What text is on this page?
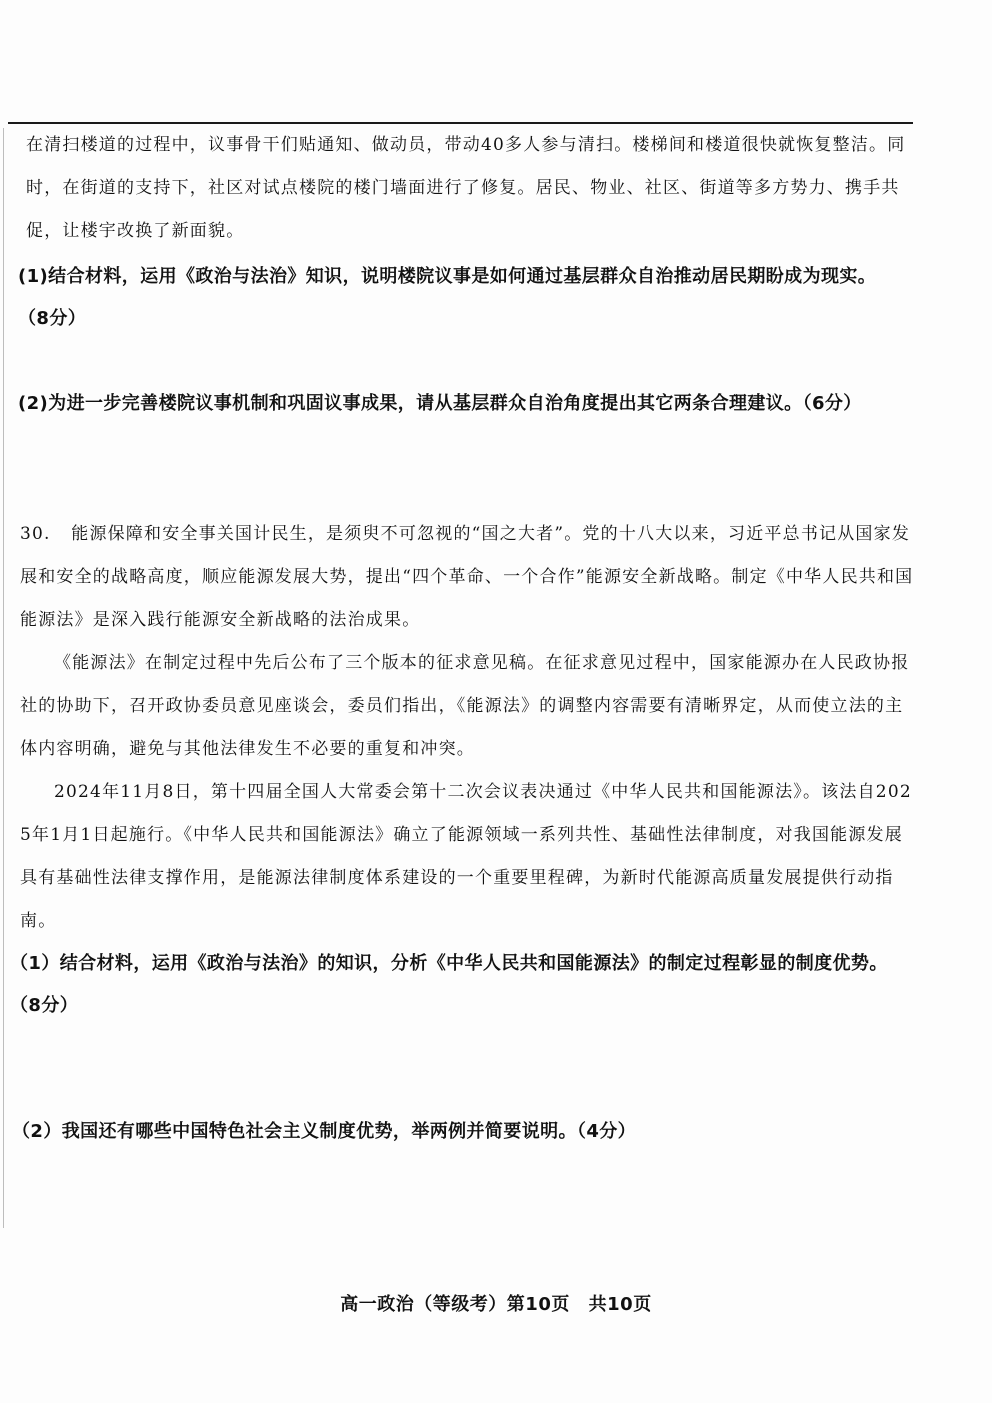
在清扫楼道的过程中，议事骨干们贴通知、做动员，带动40多人参与清扫。楼梯间和楼道很快就恢复整洁。同时，在街道的支持下，社区对试点楼院的楼门墙面进行了修复。居民、物业、社区、街道等多方势力、携手共促，让楼宇改换了新面貌。

(1)结合材料，运用《政治与法治》知识，说明楼院议事是如何通过基层群众自治推动居民期盼成为现实。
（8分）

(2)为进一步完善楼院议事机制和巩固议事成果，请从基层群众自治角度提出其它两条合理建议。（6分）

30. 能源保障和安全事关国计民生，是须臾不可忽视的“国之大者”。党的十八大以来，习近平总书记从国家发展和安全的战略高度，顺应能源发展大势，提出“四个革命、一个合作”能源安全新战略。制定《中华人民共和国能源法》是深入践行能源安全新战略的法治成果。

《能源法》在制定过程中先后公布了三个版本的征求意见稿。在征求意见过程中，国家能源办在人民政协报社的协助下，召开政协委员意见座谈会，委员们指出，《能源法》的调整内容需要有清晰界定，从而使立法的主体内容明确，避免与其他法律发生不必要的重复和冲突。

2024年11月8日，第十四届全国人大常委会第十二次会议表决通过《中华人民共和国能源法》。该法自2025年1月1日起施行。《中华人民共和国能源法》确立了能源领域一系列共性、基础性法律制度，对我国能源发展具有基础性法律支撑作用，是能源法律制度体系建设的一个重要里程碑，为新时代能源高质量发展提供行动指南。

（1）结合材料，运用《政治与法治》的知识，分析《中华人民共和国能源法》的制定过程彰显的制度优势。（8分）

（2）我国还有哪些中国特色社会主义制度优势，举两例并简要说明。（4分）

高一政治（等级考）第10页 共10页
